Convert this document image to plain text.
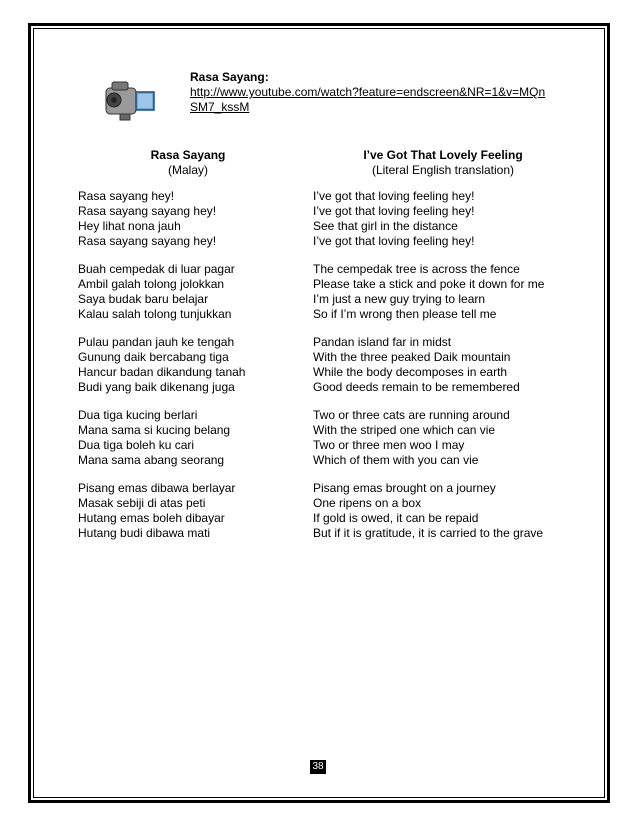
Rasa Sayang:
http://www.youtube.com/watch?feature=endscreen&NR=1&v=MQn
SM7_kssM
Rasa Sayang
(Malay)
Rasa sayang hey!
Rasa sayang sayang hey!
Hey lihat nona jauh
Rasa sayang sayang hey!
Buah cempedak di luar pagar
Ambil galah tolong jolokkan
Saya budak baru belajar
Kalau salah tolong tunjukkan
Pulau pandan jauh ke tengah
Gunung daik bercabang tiga
Hancur badan dikandung tanah
Budi yang baik dikenang juga
Dua tiga kucing berlari
Mana sama si kucing belang
Dua tiga boleh ku cari
Mana sama abang seorang
Pisang emas dibawa berlayar
Masak sebiji di atas peti
Hutang emas boleh dibayar
Hutang budi dibawa mati
I’ve Got That Lovely Feeling
(Literal English translation)
I’ve got that loving feeling hey!
I’ve got that loving feeling hey!
See that girl in the distance
I’ve got that loving feeling hey!
The cempedak tree is across the fence
Please take a stick and poke it down for me
I’m just a new guy trying to learn
So if I’m wrong then please tell me
Pandan island far in midst
With the three peaked Daik mountain
While the body decomposes in earth
Good deeds remain to be remembered
Two or three cats are running around
With the striped one which can vie
Two or three men woo I may
Which of them with you can vie
Pisang emas brought on a journey
One ripens on a box
If gold is owed, it can be repaid
But if it is gratitude, it is carried to the grave
38
